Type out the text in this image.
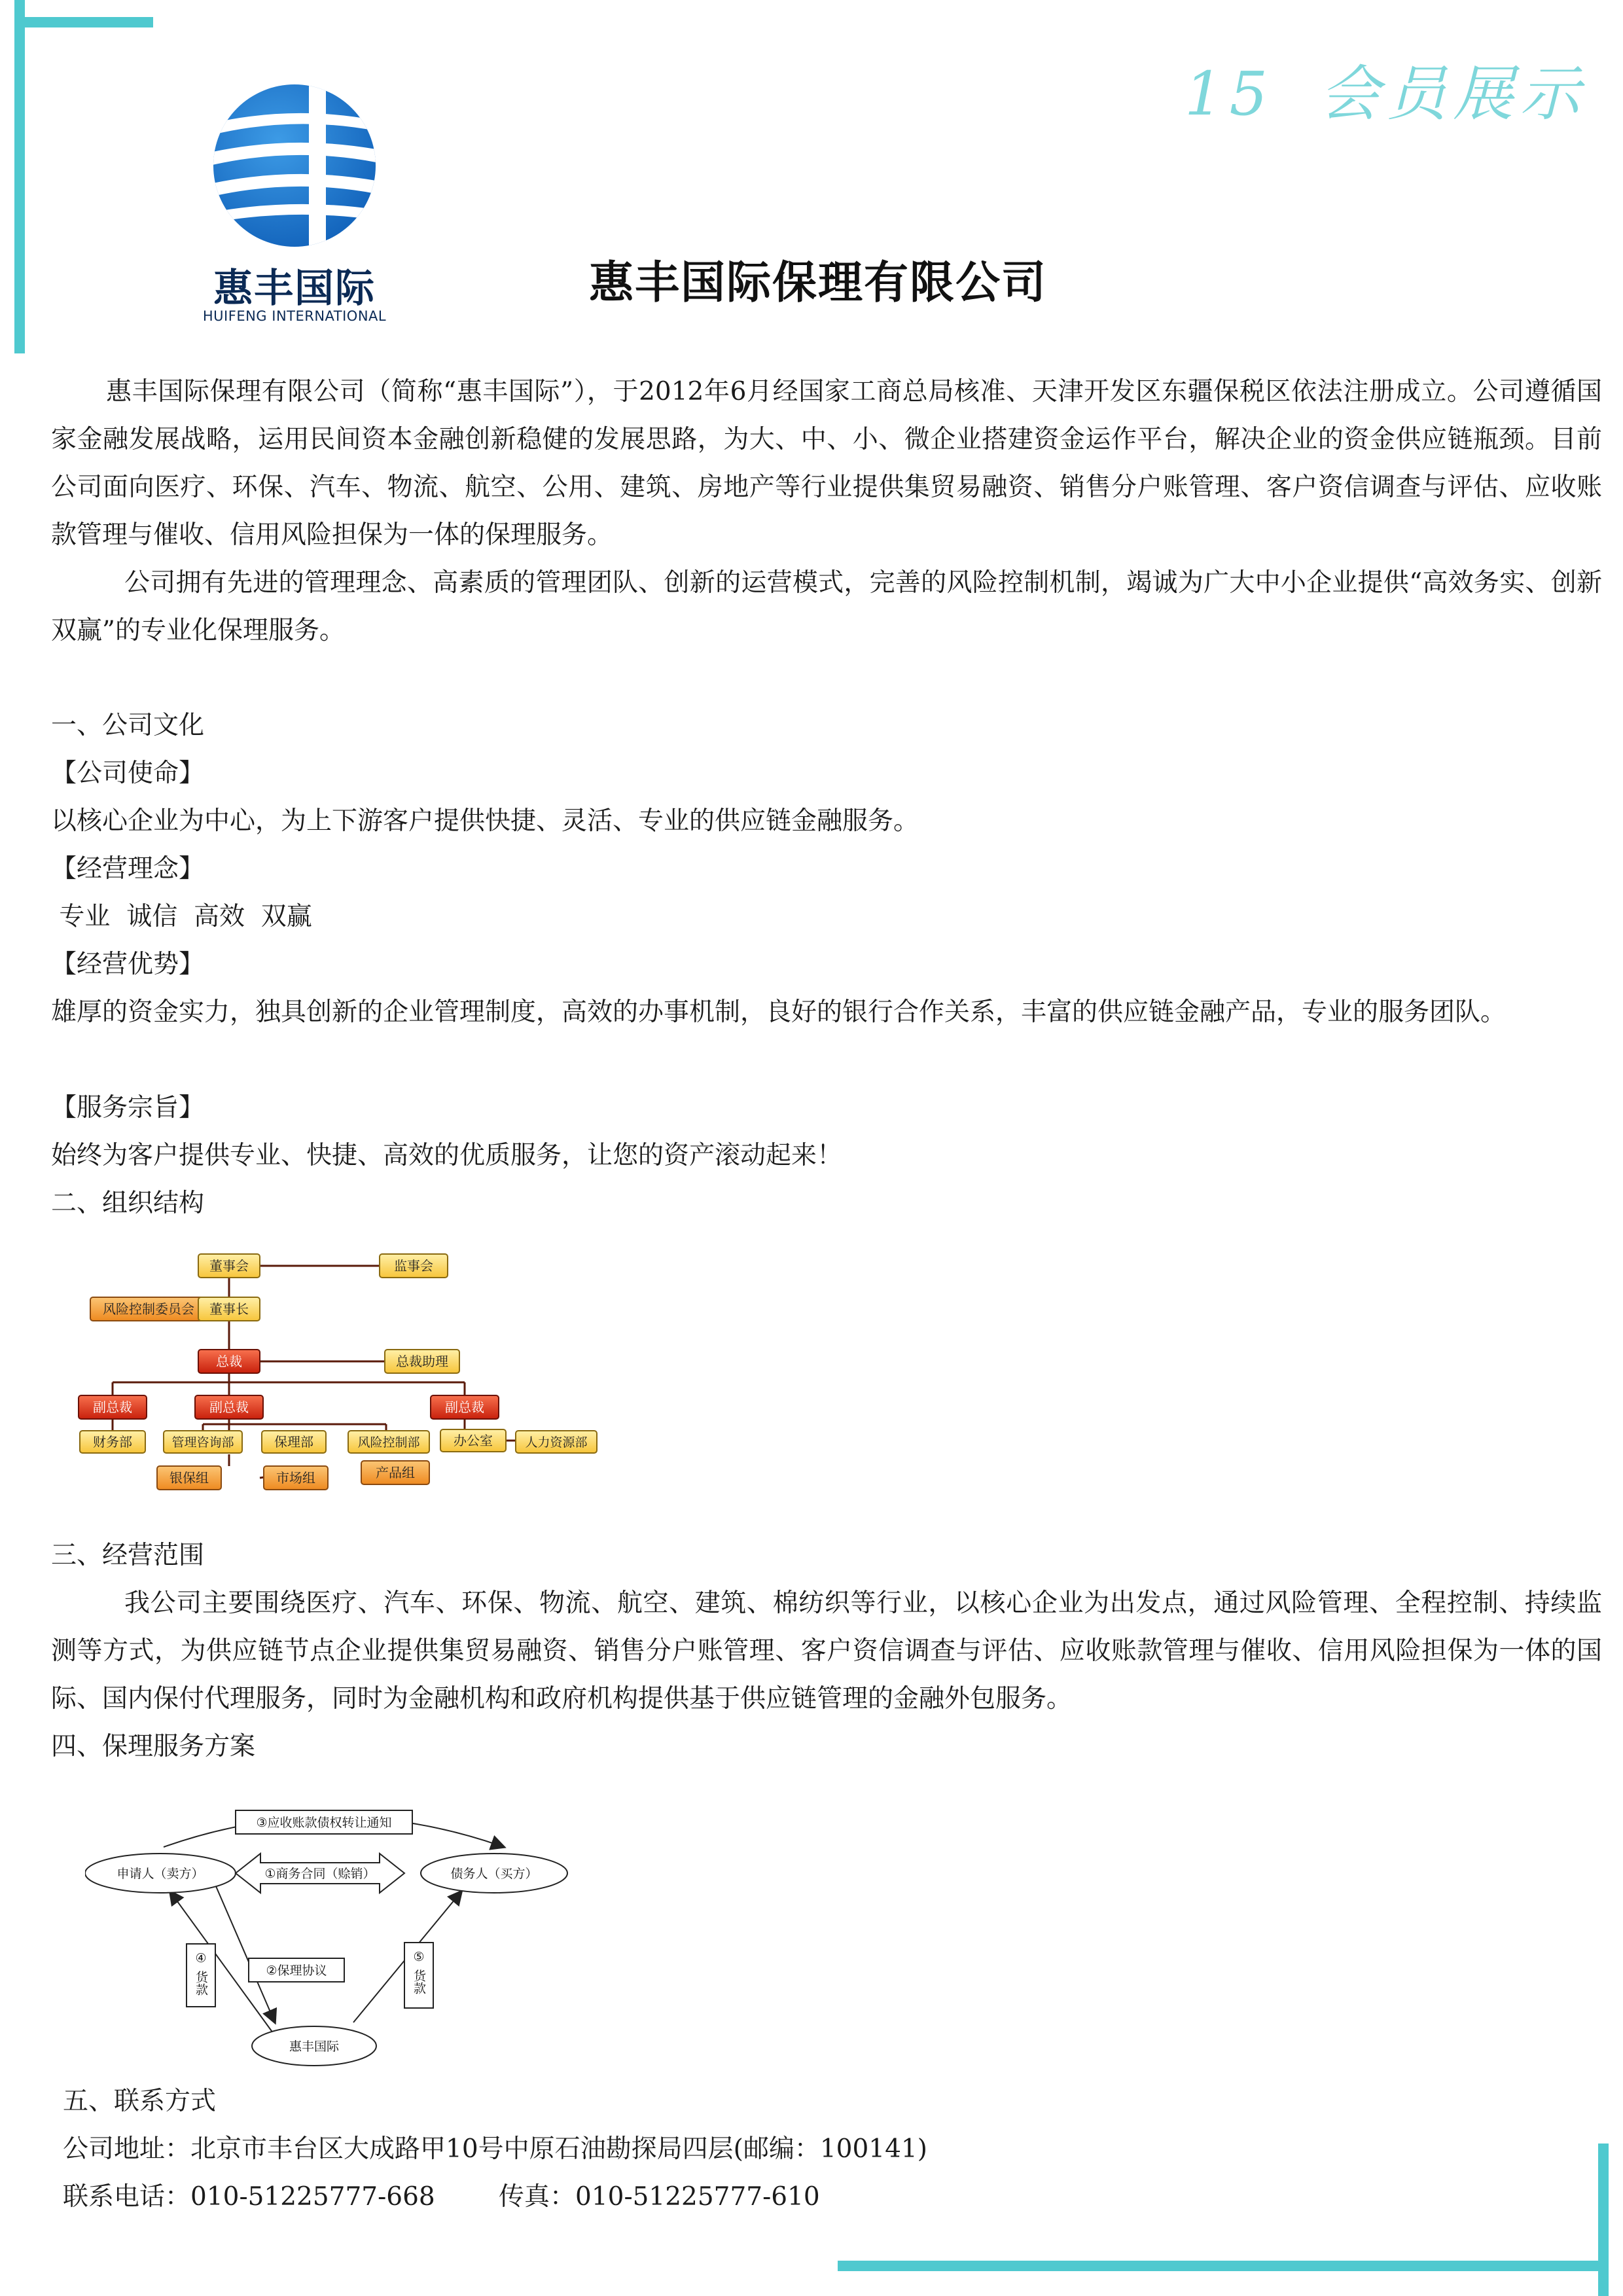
15 会员展示
惠丰国际
HUIFENG INTERNATIONAL
惠丰国际保理有限公司

惠丰国际保理有限公司（简称“惠丰国际”），于2012年6月经国家工商总局核准、天津开发区东疆保税区依法注册成立。公司遵循国家金融发展战略，运用民间资本金融创新稳健的发展思路，为大、中、小、微企业搭建资金运作平台，解决企业的资金供应链瓶颈。目前公司面向医疗、环保、汽车、物流、航空、公用、建筑、房地产等行业提供集贸易融资、销售分户账管理、客户资信调查与评估、应收账款管理与催收、信用风险担保为一体的保理服务。

公司拥有先进的管理理念、高素质的管理团队、创新的运营模式，完善的风险控制机制，竭诚为广大中小企业提供“高效务实、创新双赢”的专业化保理服务。

一、公司文化
【公司使命】
以核心企业为中心，为上下游客户提供快捷、灵活、专业的供应链金融服务。
【经营理念】
专业  诚信  高效  双赢
【经营优势】
雄厚的资金实力，独具创新的企业管理制度，高效的办事机制，良好的银行合作关系，丰富的供应链金融产品，专业的服务团队。
【服务宗旨】
始终为客户提供专业、快捷、高效的优质服务，让您的资产滚动起来！
二、组织结构
董事会	监事会
风险控制委员会 董事长
总裁	总裁助理
副总裁	副总裁	副总裁
财务部	管理咨询部	保理部	风险控制部	办公室	人力资源部
银保组	市场组	产品组
三、经营范围

我公司主要围绕医疗、汽车、环保、物流、航空、建筑、棉纺织等行业，以核心企业为出发点，通过风险管理、全程控制、持续监测等方式，为供应链节点企业提供集贸易融资、销售分户账管理、客户资信调查与评估、应收账款管理与催收、信用风险担保为一体的国际、国内保付代理服务，同时为金融机构和政府机构提供基于供应链管理的金融外包服务。

四、保理服务方案
申请人（卖方）	债务人（买方）
惠丰国际
①商务合同（赊销）
③应收账款债权转让通知
②保理协议
④
货款
⑤
货款
五、联系方式
公司地址：北京市丰台区大成路甲10号中原石油勘探局四层(邮编：100141)
联系电话：010-51225777-668 传真：010-51225777-610
